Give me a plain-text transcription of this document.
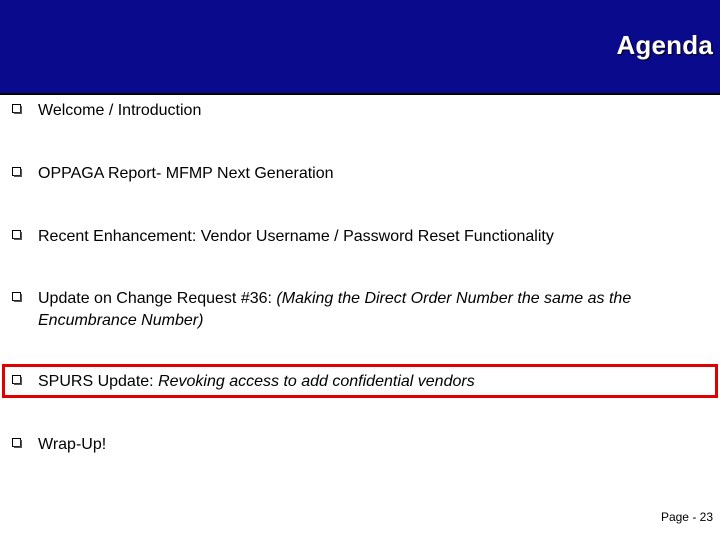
Agenda
Welcome / Introduction
OPPAGA Report- MFMP Next Generation
Recent Enhancement: Vendor Username / Password Reset Functionality
Update on Change Request #36: (Making the Direct Order Number the same as the Encumbrance Number)
SPURS Update: Revoking access to add confidential vendors
Wrap-Up!
Page - 23
